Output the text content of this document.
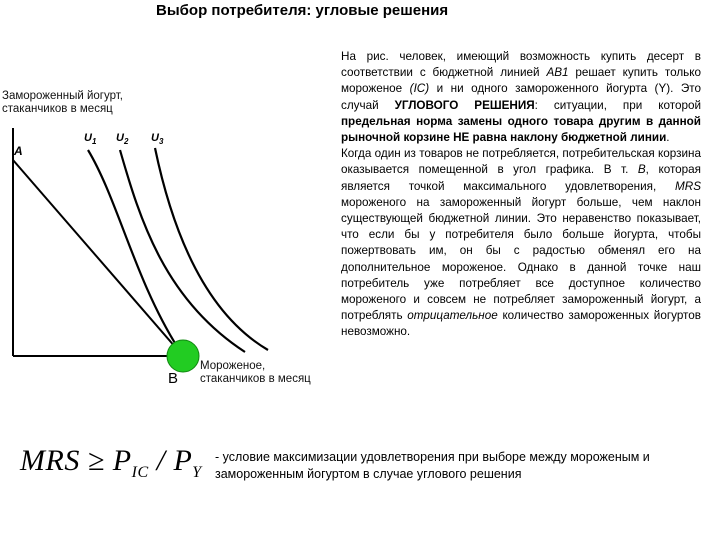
Выбор потребителя: угловые решения
Замороженный йогурт,
стаканчиков в месяц
Мороженое,
стаканчиков в месяц
A
B
$U_1$ $U_2$ $U_3$

На рис. человек, имеющий возможность купить десерт в соответствии с бюджетной линией АВ1 решает купить только мороженое (IC) и ни одного замороженного йогурта (Y). Это случай УГЛОВОГО РЕШЕНИЯ: ситуации, при которой предельная норма замены одного товара другим в данной рыночной корзине НЕ равна наклону бюджетной линии.

Когда один из товаров не потребляется, потребительская корзина оказывается помещенной в угол графика. В т. В, которая является точкой максимального удовлетворения, MRS мороженого на замороженный йогурт больше, чем наклон существующей бюджетной линии. Это неравенство показывает, что если бы у потребителя было больше йогурта, чтобы пожертвовать им, он бы с радостью обменял его на дополнительное мороженое. Однако в данной точке наш потребитель уже потребляет все доступное количество мороженого и совсем не потребляет замороженный йогурт, а потреблять отрицательное количество замороженных йогуртов невозможно.

MRS ≥ $P_{IC} / P_Y$
- условие максимизации удовлетворения при выборе между мороженым и замороженным йогуртом в случае углового решения
